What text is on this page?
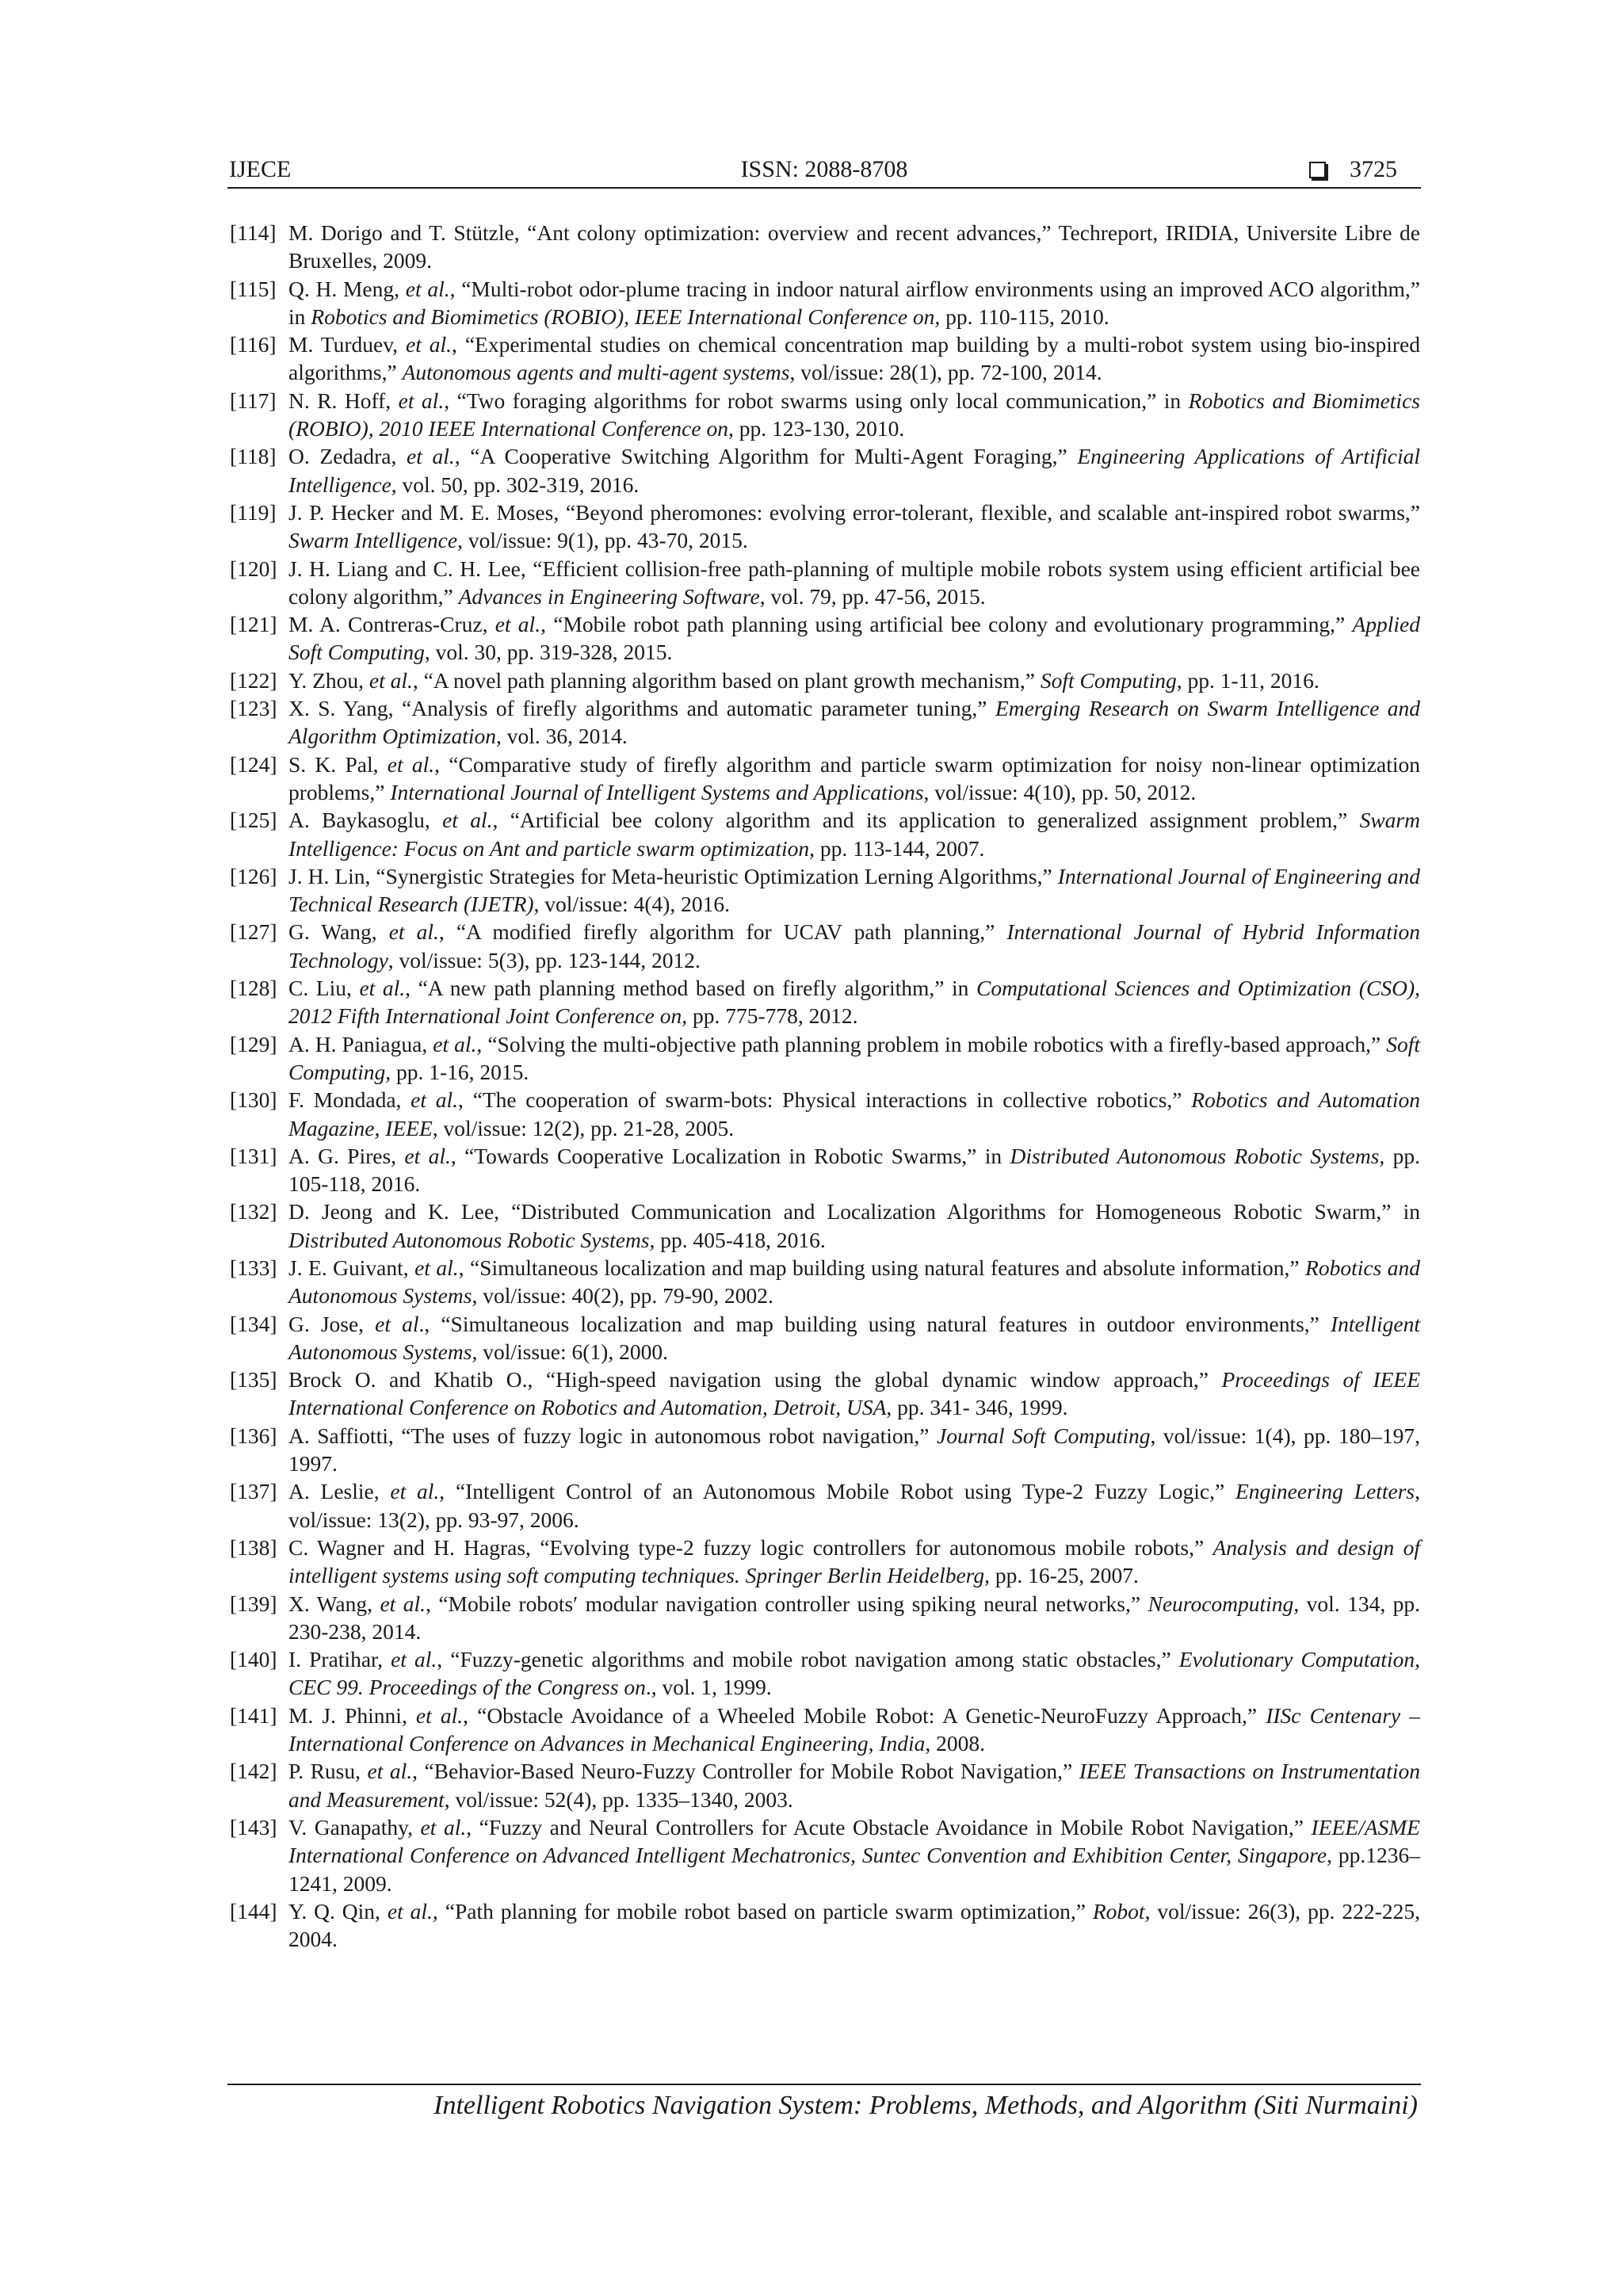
IJECE	ISSN: 2088-8708	3725
[114] M. Dorigo and T. Stützle, “Ant colony optimization: overview and recent advances,” Techreport, IRIDIA, Universite Libre de Bruxelles, 2009.
[115] Q. H. Meng, et al., “Multi-robot odor-plume tracing in indoor natural airflow environments using an improved ACO algorithm,” in Robotics and Biomimetics (ROBIO), IEEE International Conference on, pp. 110-115, 2010.
[116] M. Turduev, et al., “Experimental studies on chemical concentration map building by a multi-robot system using bio-inspired algorithms,” Autonomous agents and multi-agent systems, vol/issue: 28(1), pp. 72-100, 2014.
[117] N. R. Hoff, et al., “Two foraging algorithms for robot swarms using only local communication,” in Robotics and Biomimetics (ROBIO), 2010 IEEE International Conference on, pp. 123-130, 2010.
[118] O. Zedadra, et al., “A Cooperative Switching Algorithm for Multi-Agent Foraging,” Engineering Applications of Artificial Intelligence, vol. 50, pp. 302-319, 2016.
[119] J. P. Hecker and M. E. Moses, “Beyond pheromones: evolving error-tolerant, flexible, and scalable ant-inspired robot swarms,” Swarm Intelligence, vol/issue: 9(1), pp. 43-70, 2015.
[120] J. H. Liang and C. H. Lee, “Efficient collision-free path-planning of multiple mobile robots system using efficient artificial bee colony algorithm,” Advances in Engineering Software, vol. 79, pp. 47-56, 2015.
[121] M. A. Contreras-Cruz, et al., “Mobile robot path planning using artificial bee colony and evolutionary programming,” Applied Soft Computing, vol. 30, pp. 319-328, 2015.
[122] Y. Zhou, et al., “A novel path planning algorithm based on plant growth mechanism,” Soft Computing, pp. 1-11, 2016.
[123] X. S. Yang, “Analysis of firefly algorithms and automatic parameter tuning,” Emerging Research on Swarm Intelligence and Algorithm Optimization, vol. 36, 2014.
[124] S. K. Pal, et al., “Comparative study of firefly algorithm and particle swarm optimization for noisy non-linear optimization problems,” International Journal of Intelligent Systems and Applications, vol/issue: 4(10), pp. 50, 2012.
[125] A. Baykasoglu, et al., “Artificial bee colony algorithm and its application to generalized assignment problem,” Swarm Intelligence: Focus on Ant and particle swarm optimization, pp. 113-144, 2007.
[126] J. H. Lin, “Synergistic Strategies for Meta-heuristic Optimization Lerning Algorithms,” International Journal of Engineering and Technical Research (IJETR), vol/issue: 4(4), 2016.
[127] G. Wang, et al., “A modified firefly algorithm for UCAV path planning,” International Journal of Hybrid Information Technology, vol/issue: 5(3), pp. 123-144, 2012.
[128] C. Liu, et al., “A new path planning method based on firefly algorithm,” in Computational Sciences and Optimization (CSO), 2012 Fifth International Joint Conference on, pp. 775-778, 2012.
[129] A. H. Paniagua, et al., “Solving the multi-objective path planning problem in mobile robotics with a firefly-based approach,” Soft Computing, pp. 1-16, 2015.
[130] F. Mondada, et al., “The cooperation of swarm-bots: Physical interactions in collective robotics,” Robotics and Automation Magazine, IEEE, vol/issue: 12(2), pp. 21-28, 2005.
[131] A. G. Pires, et al., “Towards Cooperative Localization in Robotic Swarms,” in Distributed Autonomous Robotic Systems, pp. 105-118, 2016.
[132] D. Jeong and K. Lee, “Distributed Communication and Localization Algorithms for Homogeneous Robotic Swarm,” in Distributed Autonomous Robotic Systems, pp. 405-418, 2016.
[133] J. E. Guivant, et al., “Simultaneous localization and map building using natural features and absolute information,” Robotics and Autonomous Systems, vol/issue: 40(2), pp. 79-90, 2002.
[134] G. Jose, et al., “Simultaneous localization and map building using natural features in outdoor environments,” Intelligent Autonomous Systems, vol/issue: 6(1), 2000.
[135] Brock O. and Khatib O., “High-speed navigation using the global dynamic window approach,” Proceedings of IEEE International Conference on Robotics and Automation, Detroit, USA, pp. 341- 346, 1999.
[136] A. Saffiotti, “The uses of fuzzy logic in autonomous robot navigation,” Journal Soft Computing, vol/issue: 1(4), pp. 180–197, 1997.
[137] A. Leslie, et al., “Intelligent Control of an Autonomous Mobile Robot using Type-2 Fuzzy Logic,” Engineering Letters, vol/issue: 13(2), pp. 93-97, 2006.
[138] C. Wagner and H. Hagras, “Evolving type-2 fuzzy logic controllers for autonomous mobile robots,” Analysis and design of intelligent systems using soft computing techniques. Springer Berlin Heidelberg, pp. 16-25, 2007.
[139] X. Wang, et al., “Mobile robots′ modular navigation controller using spiking neural networks,” Neurocomputing, vol. 134, pp. 230-238, 2014.
[140] I. Pratihar, et al., “Fuzzy-genetic algorithms and mobile robot navigation among static obstacles,” Evolutionary Computation, CEC 99. Proceedings of the Congress on., vol. 1, 1999.
[141] M. J. Phinni, et al., “Obstacle Avoidance of a Wheeled Mobile Robot: A Genetic-NeuroFuzzy Approach,” IISc Centenary – International Conference on Advances in Mechanical Engineering, India, 2008.
[142] P. Rusu, et al., “Behavior-Based Neuro-Fuzzy Controller for Mobile Robot Navigation,” IEEE Transactions on Instrumentation and Measurement, vol/issue: 52(4), pp. 1335–1340, 2003.
[143] V. Ganapathy, et al., “Fuzzy and Neural Controllers for Acute Obstacle Avoidance in Mobile Robot Navigation,” IEEE/ASME International Conference on Advanced Intelligent Mechatronics, Suntec Convention and Exhibition Center, Singapore, pp.1236–1241, 2009.
[144] Y. Q. Qin, et al., “Path planning for mobile robot based on particle swarm optimization,” Robot, vol/issue: 26(3), pp. 222-225, 2004.
Intelligent Robotics Navigation System: Problems, Methods, and Algorithm (Siti Nurmaini)
